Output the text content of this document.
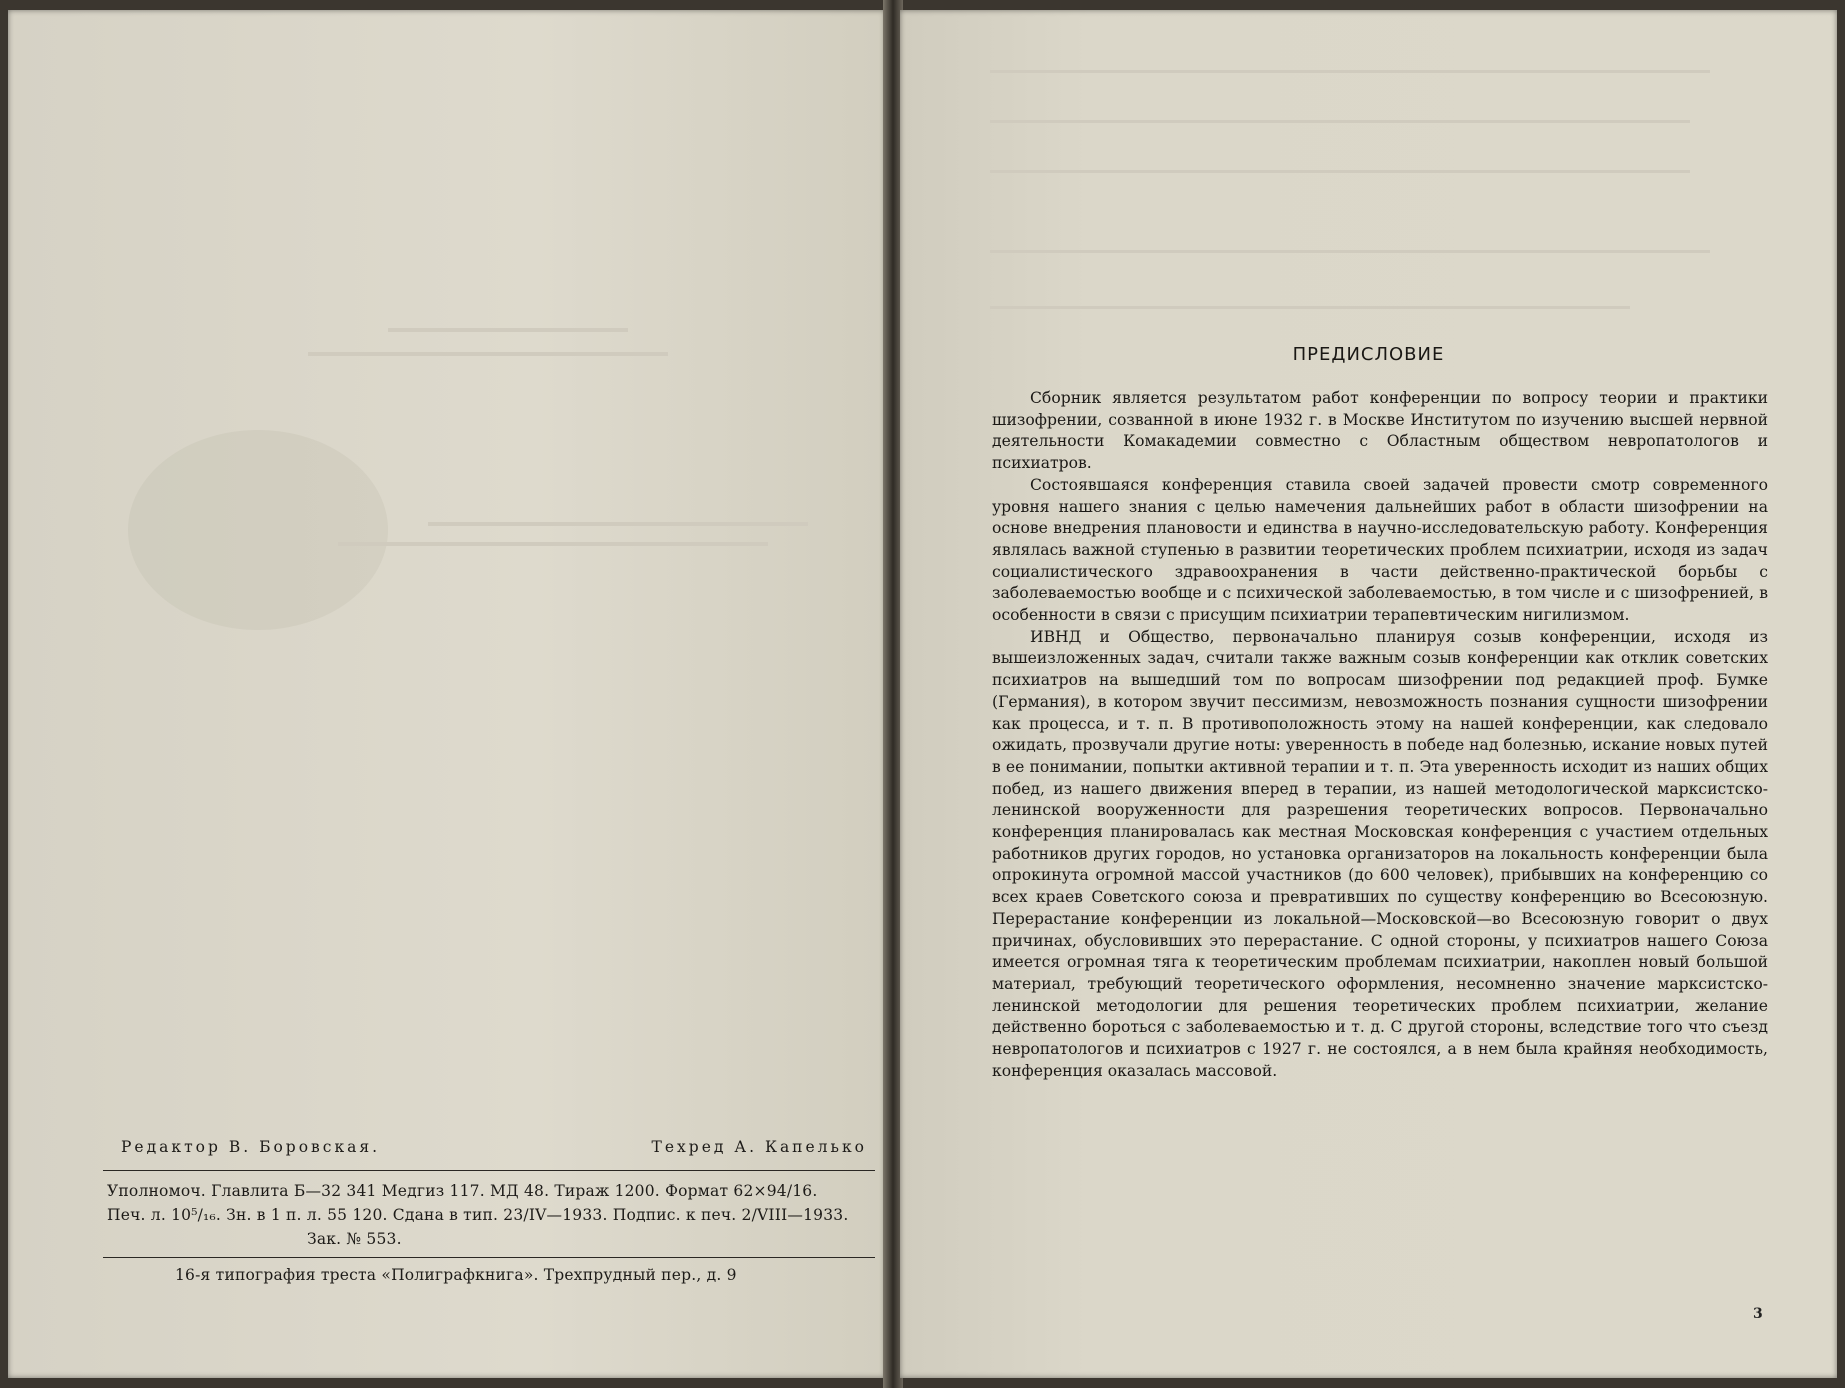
Редактор В. Боровская.	Техред А. Капелько
Уполномоч. Главлита Б—32 341 Медгиз 117. МД 48. Тираж 1200. Формат 62×94/16.
Печ. л. 10⁵/₁₆. Зн. в 1 п. л. 55 120. Сдана в тип. 23/IV—1933. Подпис. к печ. 2/VIII—1933.
Зак. № 553.
16-я типография треста «Полиграфкнига». Трехпрудный пер., д. 9
ПРЕДИСЛОВИЕ

Сборник является результатом работ конференции по вопросу теории и практики шизофрении, созванной в июне 1932 г. в Москве Институтом по изучению высшей нервной деятельности Комакадемии совместно с Областным обществом невропатологов и психиатров.

Состоявшаяся конференция ставила своей задачей провести смотр современного уровня нашего знания с целью намечения дальнейших работ в области шизофрении на основе внедрения плановости и единства в научно-исследовательскую работу. Конференция являлась важной ступенью в развитии теоретических проблем психиатрии, исходя из задач социалистического здравоохранения в части действенно-практической борьбы с заболеваемостью вообще и с психической заболеваемостью, в том числе и с шизофренией, в особенности в связи с присущим психиатрии терапевтическим нигилизмом.

ИВНД и Общество, первоначально планируя созыв конференции, исходя из вышеизложенных задач, считали также важным созыв конференции как отклик советских психиатров на вышедший том по вопросам шизофрении под редакцией проф. Бумке (Германия), в котором звучит пессимизм, невозможность познания сущности шизофрении как процесса, и т. п. В противоположность этому на нашей конференции, как следовало ожидать, прозвучали другие ноты: уверенность в победе над болезнью, искание новых путей в ее понимании, попытки активной терапии и т. п. Эта уверенность исходит из наших общих побед, из нашего движения вперед в терапии, из нашей методологической марксистско-ленинской вооруженности для разрешения теоретических вопросов. Первоначально конференция планировалась как местная Московская конференция с участием отдельных работников других городов, но установка организаторов на локальность конференции была опрокинута огромной массой участников (до 600 человек), прибывших на конференцию со всех краев Советского союза и превративших по существу конференцию во Всесоюзную. Перерастание конференции из локальной—Московской—во Всесоюзную говорит о двух причинах, обусловивших это перерастание. С одной стороны, у психиатров нашего Союза имеется огромная тяга к теоретическим проблемам психиатрии, накоплен новый большой материал, требующий теоретического оформления, несомненно значение марксистско-ленинской методологии для решения теоретических проблем психиатрии, желание действенно бороться с заболеваемостью и т. д. С другой стороны, вследствие того что съезд невропатологов и психиатров с 1927 г. не состоялся, а в нем была крайняя необходимость, конференция оказалась массовой.

3
